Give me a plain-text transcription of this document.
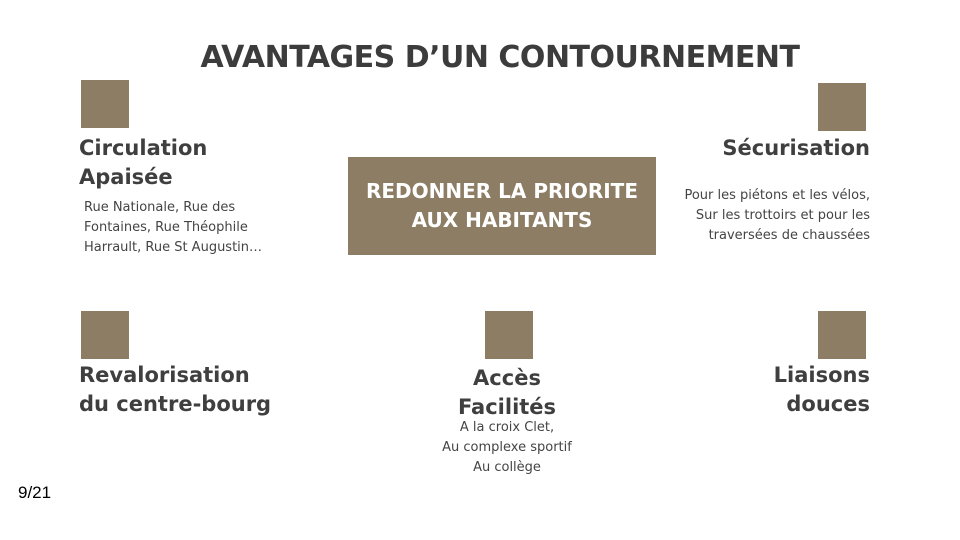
AVANTAGES D’UN CONTOURNEMENT
Circulation
Apaisée
Rue Nationale, Rue des
Fontaines, Rue Théophile
Harrault, Rue St Augustin…
REDONNER LA PRIORITE
AUX HABITANTS
Sécurisation
Pour les piétons et les vélos,
Sur les trottoirs et pour les
traversées de chaussées
Revalorisation
du centre-bourg
Accès
Facilités
A la croix Clet,
Au complexe sportif
Au collège
Liaisons
douces
9/21
